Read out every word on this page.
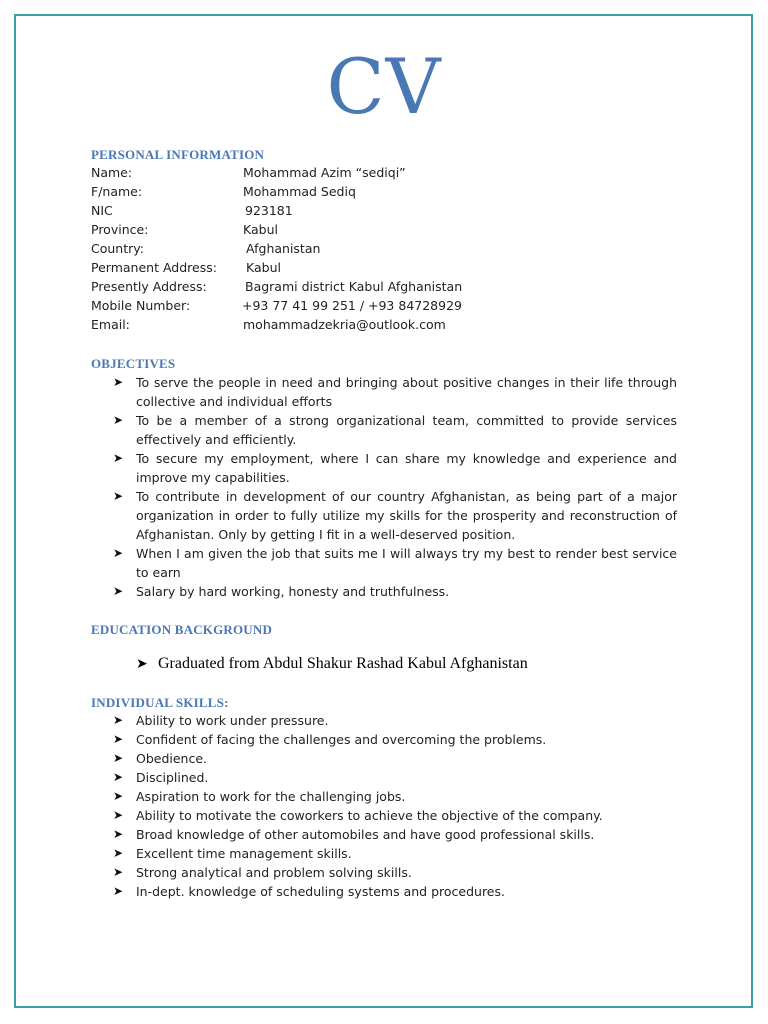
CV
PERSONAL INFORMATION
Name:	Mohammad Azim “sediqi”
F/name:	Mohammad Sediq
NIC	923181
Province:	Kabul
Country:	Afghanistan
Permanent Address: Kabul
Presently Address:	Bagrami district Kabul Afghanistan
Mobile Number:	+93 77 41 99 251 / +93 84728929
Email:	mohammadzekria@outlook.com
OBJECTIVES
➤ To serve the people in need and bringing about positive changes in their life through collective and individual efforts
➤ To be a member of a strong organizational team, committed to provide services effectively and efficiently.
➤ To secure my employment, where I can share my knowledge and experience and improve my capabilities.
➤ To contribute in development of our country Afghanistan, as being part of a major organization in order to fully utilize my skills for the prosperity and reconstruction of Afghanistan. Only by getting I fit in a well-deserved position.
➤ When I am given the job that suits me I will always try my best to render best service to earn
➤ Salary by hard working, honesty and truthfulness.
EDUCATION BACKGROUND
➤ Graduated from Abdul Shakur Rashad Kabul Afghanistan
INDIVIDUAL SKILLS:
➤ Ability to work under pressure.
➤ Confident of facing the challenges and overcoming the problems.
➤ Obedience.
➤ Disciplined.
➤ Aspiration to work for the challenging jobs.
➤ Ability to motivate the coworkers to achieve the objective of the company.
➤ Broad knowledge of other automobiles and have good professional skills.
➤ Excellent time management skills.
➤ Strong analytical and problem solving skills.
➤ In-dept. knowledge of scheduling systems and procedures.
